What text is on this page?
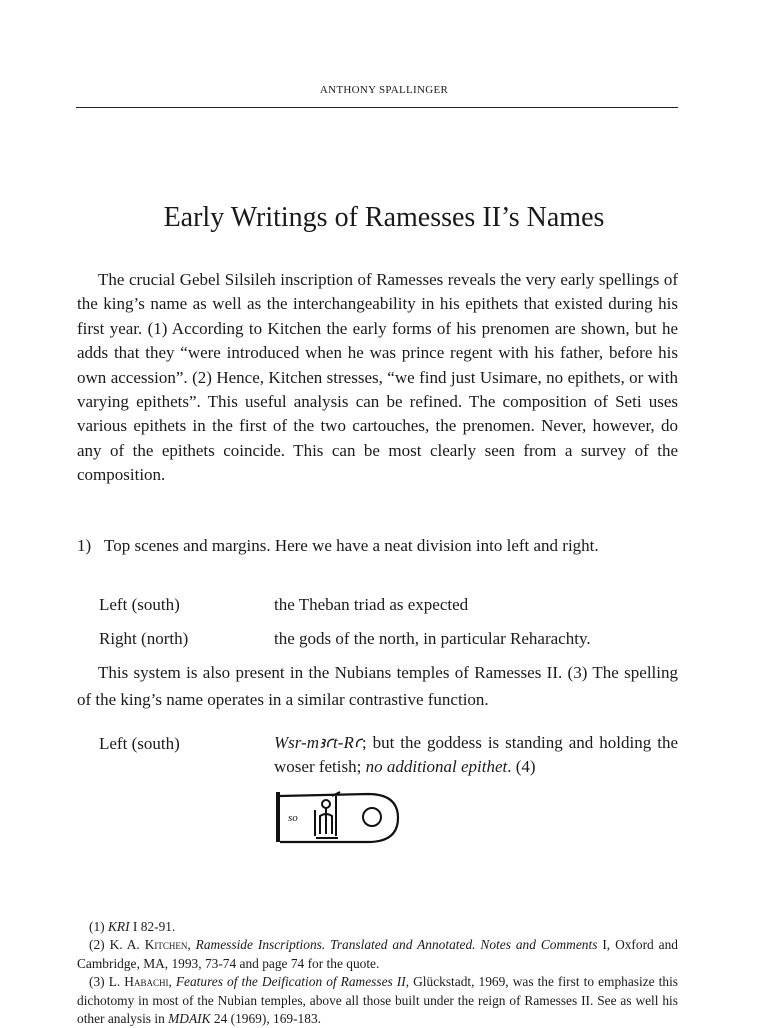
ANTHONY SPALLINGER
Early Writings of Ramesses II’s Names
The crucial Gebel Silsileh inscription of Ramesses reveals the very early spellings of the king’s name as well as the interchangeability in his epithets that existed during his first year. (1) According to Kitchen the early forms of his prenomen are shown, but he adds that they “were introduced when he was prince regent with his father, before his own accession”. (2) Hence, Kitchen stresses, “we find just Usimare, no epithets, or with varying epithets”. This useful analysis can be refined. The composition of Seti uses various epithets in the first of the two cartouches, the prenomen. Never, however, do any of the epithets coincide. This can be most clearly seen from a survey of the composition.
1) Top scenes and margins. Here we have a neat division into left and right.
Left (south)	the Theban triad as expected
Right (north)	the gods of the north, in particular Reharachty.
This system is also present in the Nubians temples of Ramesses II. (3) The spelling of the king’s name operates in a similar contrastive function.
Left (south)	Wsr-mꜣꜥt-Rꜥ; but the goddess is standing and holding the woser fetish; no additional epithet. (4)
so

(1) KRI I 82-91.

(2) K. A. Kitchen, Ramesside Inscriptions. Translated and Annotated. Notes and Comments I, Oxford and Cambridge, MA, 1993, 73-74 and page 74 for the quote.

(3) L. Habachi, Features of the Deification of Ramesses II, Glückstadt, 1969, was the first to emphasize this dichotomy in most of the Nubian temples, above all those built under the reign of Ramesses II. See as well his other analysis in MDAIK 24 (1969), 169-183.
